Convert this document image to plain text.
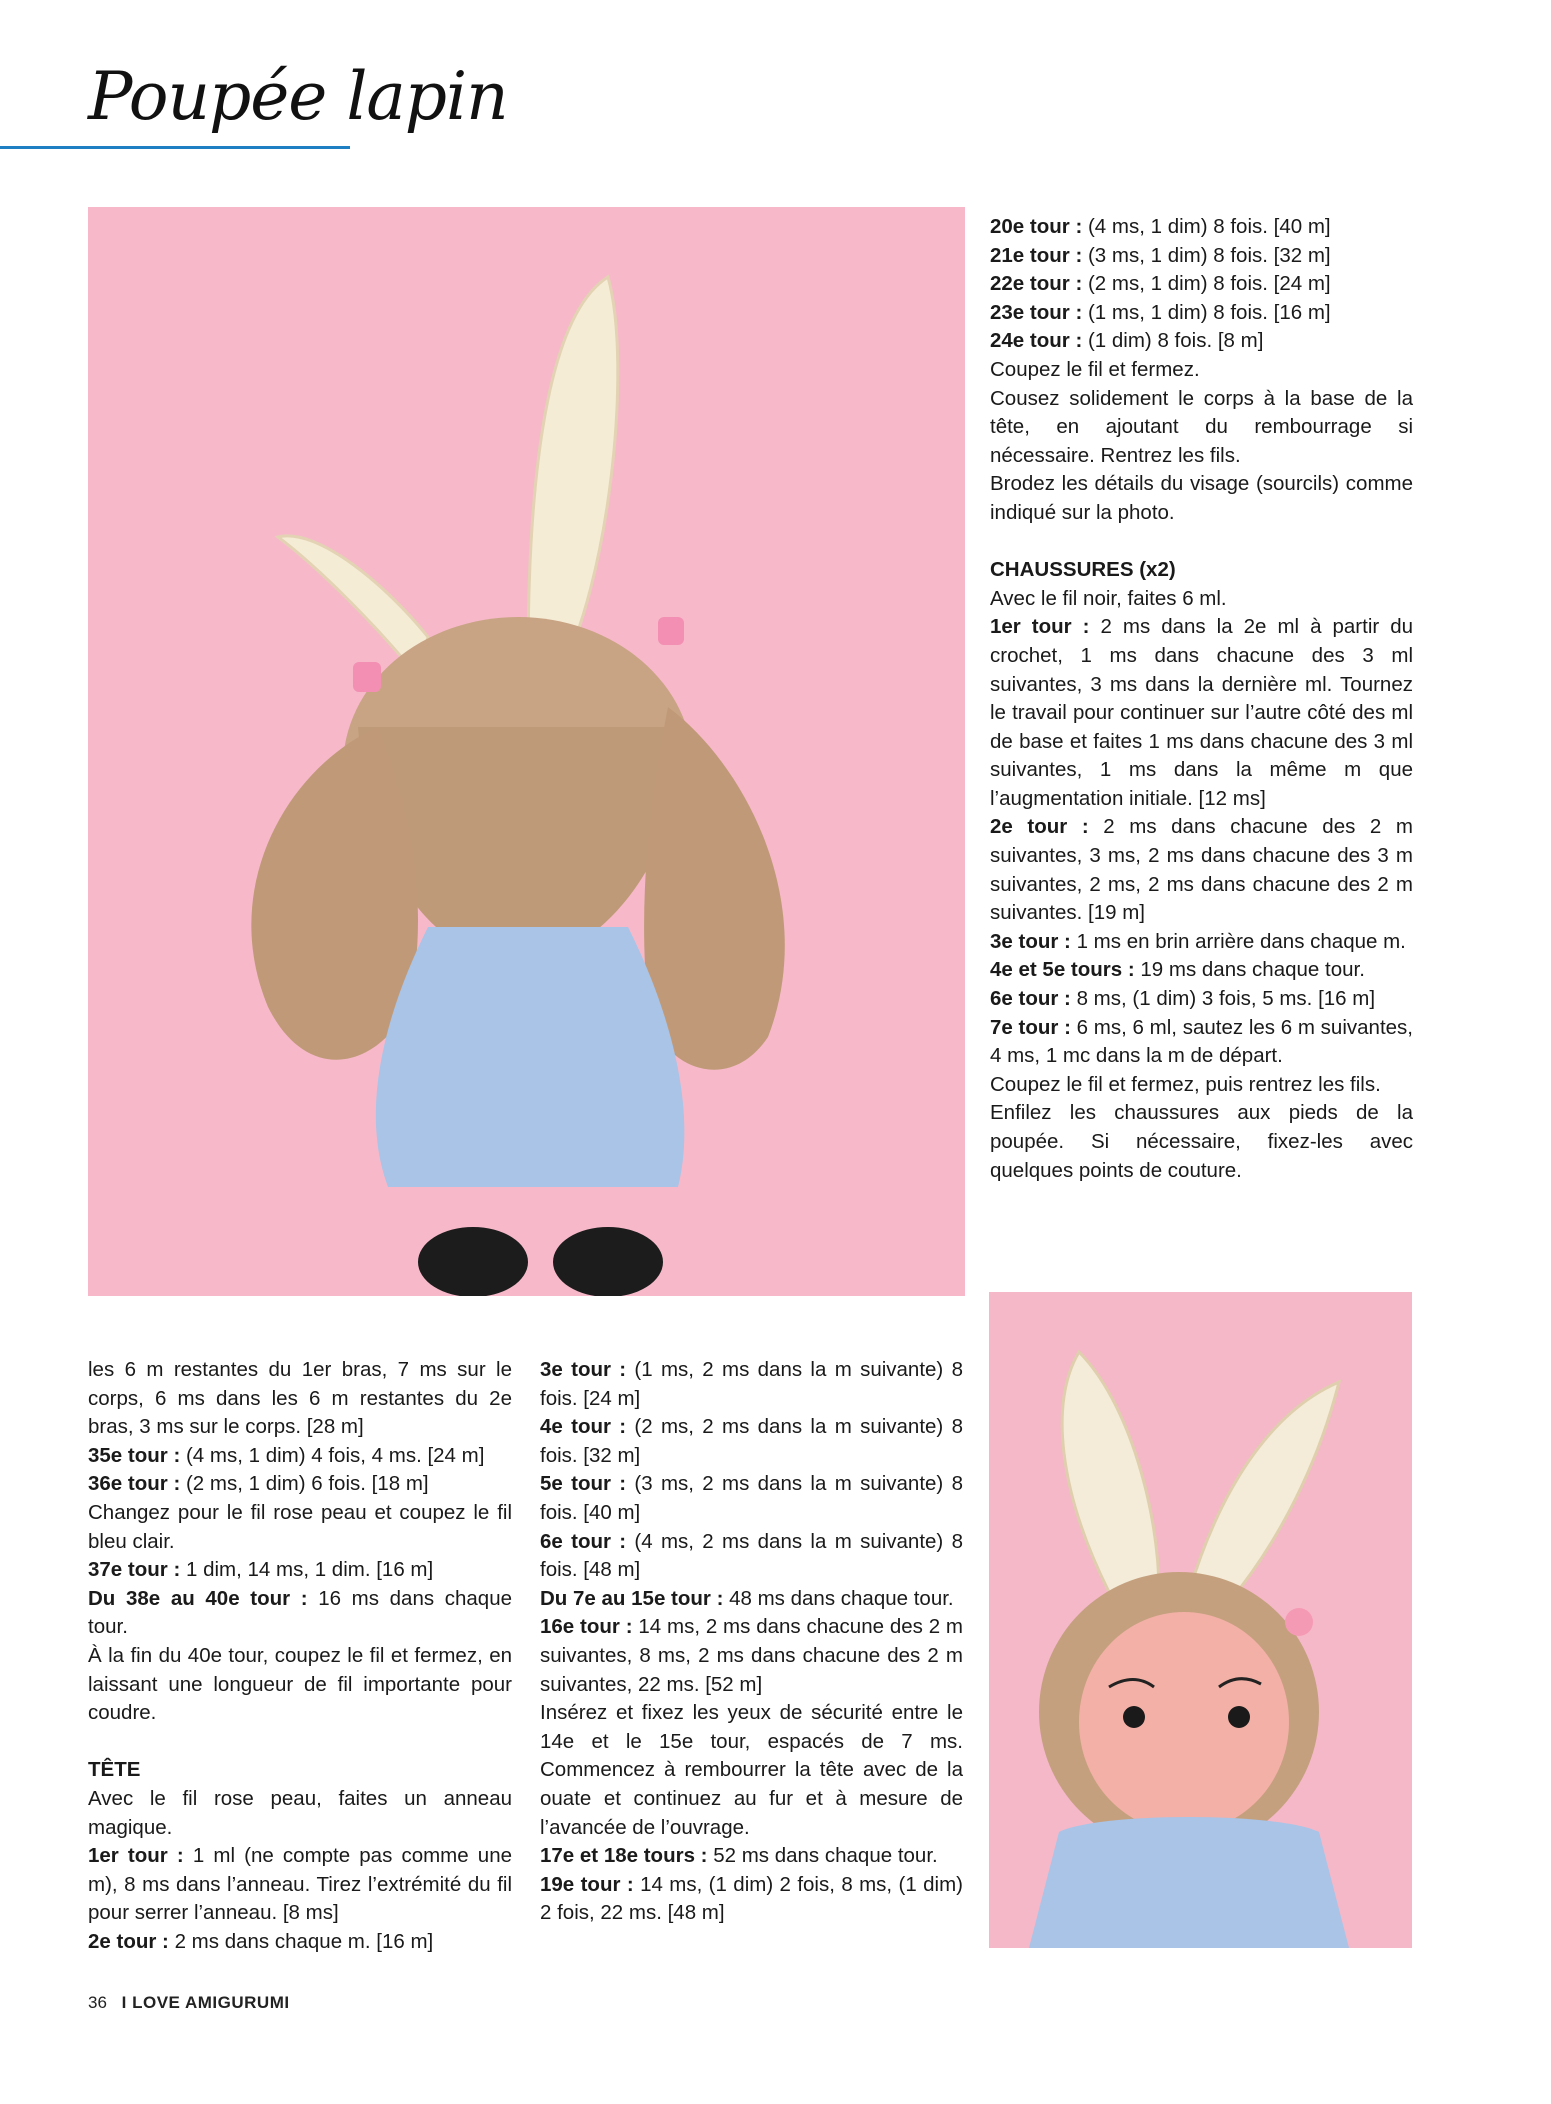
Poupée lapin

20e tour : (4 ms, 1 dim) 8 fois. [40 m]

21e tour : (3 ms, 1 dim) 8 fois. [32 m]

22e tour : (2 ms, 1 dim) 8 fois. [24 m]

23e tour : (1 ms, 1 dim) 8 fois. [16 m]

24e tour : (1 dim) 8 fois. [8 m]

Coupez le fil et fermez.

Cousez solidement le corps à la base de la tête, en ajoutant du rembourrage si nécessaire. Rentrez les fils.

Brodez les détails du visage (sourcils) comme indiqué sur la photo.

CHAUSSURES (x2)

Avec le fil noir, faites 6 ml.

1er tour : 2 ms dans la 2e ml à partir du crochet, 1 ms dans chacune des 3 ml suivantes, 3 ms dans la dernière ml. Tournez le travail pour continuer sur l’autre côté des ml de base et faites 1 ms dans chacune des 3 ml suivantes, 1 ms dans la même m que l’augmentation initiale. [12 ms]

2e tour : 2 ms dans chacune des 2 m suivantes, 3 ms, 2 ms dans chacune des 3 m suivantes, 2 ms, 2 ms dans chacune des 2 m suivantes. [19 m]

3e tour : 1 ms en brin arrière dans chaque m.

4e et 5e tours : 19 ms dans chaque tour.

6e tour : 8 ms, (1 dim) 3 fois, 5 ms. [16 m]

7e tour : 6 ms, 6 ml, sautez les 6 m suivantes, 4 ms, 1 mc dans la m de départ.

Coupez le fil et fermez, puis rentrez les fils.

Enfilez les chaussures aux pieds de la poupée. Si nécessaire, fixez-les avec quelques points de couture.

les 6 m restantes du 1er bras, 7 ms sur le corps, 6 ms dans les 6 m restantes du 2e bras, 3 ms sur le corps. [28 m]

35e tour : (4 ms, 1 dim) 4 fois, 4 ms. [24 m]

36e tour : (2 ms, 1 dim) 6 fois. [18 m]

Changez pour le fil rose peau et coupez le fil bleu clair.

37e tour : 1 dim, 14 ms, 1 dim. [16 m]

Du 38e au 40e tour : 16 ms dans chaque tour.

À la fin du 40e tour, coupez le fil et fermez, en laissant une longueur de fil importante pour coudre.

TÊTE

Avec le fil rose peau, faites un anneau magique.

1er tour : 1 ml (ne compte pas comme une m), 8 ms dans l’anneau. Tirez l’extrémité du fil pour serrer l’anneau. [8 ms]

2e tour : 2 ms dans chaque m. [16 m]

3e tour : (1 ms, 2 ms dans la m suivante) 8 fois. [24 m]

4e tour : (2 ms, 2 ms dans la m suivante) 8 fois. [32 m]

5e tour : (3 ms, 2 ms dans la m suivante) 8 fois. [40 m]

6e tour : (4 ms, 2 ms dans la m suivante) 8 fois. [48 m]

Du 7e au 15e tour : 48 ms dans chaque tour.

16e tour : 14 ms, 2 ms dans chacune des 2 m suivantes, 8 ms, 2 ms dans chacune des 2 m suivantes, 22 ms. [52 m]

Insérez et fixez les yeux de sécurité entre le 14e et le 15e tour, espacés de 7 ms. Commencez à rembourrer la tête avec de la ouate et continuez au fur et à mesure de l’avancée de l’ouvrage.

17e et 18e tours : 52 ms dans chaque tour.

19e tour : 14 ms, (1 dim) 2 fois, 8 ms, (1 dim) 2 fois, 22 ms. [48 m]

36 I LOVE AMIGURUMI
